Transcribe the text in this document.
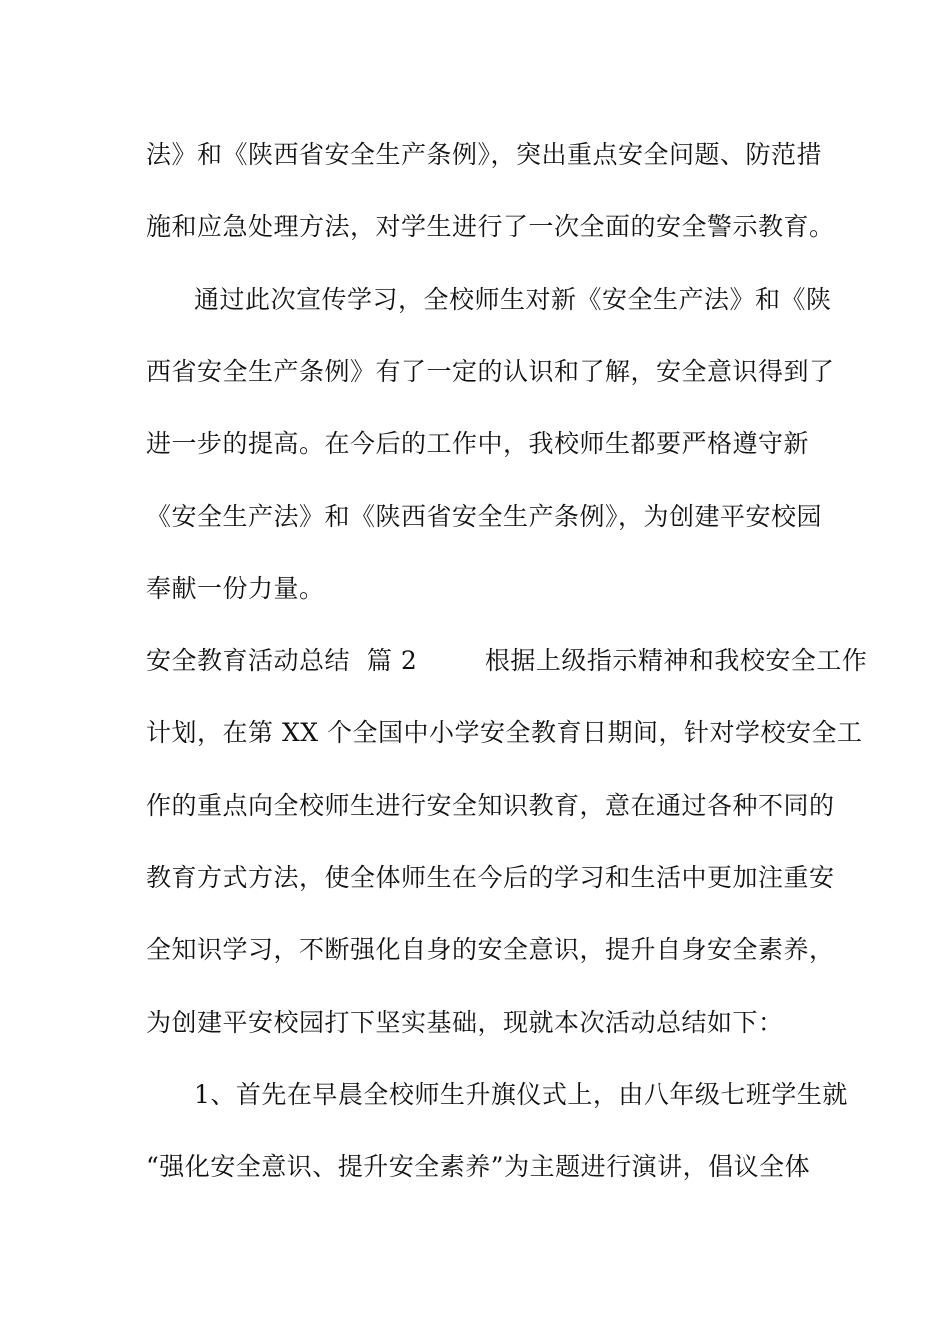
法》和《陕西省安全生产条例》，突出重点安全问题、防范措
施和应急处理方法，对学生进行了一次全面的安全警示教育。
通过此次宣传学习，全校师生对新《安全生产法》和《陕
西省安全生产条例》有了一定的认识和了解，安全意识得到了
进一步的提高。在今后的工作中，我校师生都要严格遵守新
《安全生产法》和《陕西省安全生产条例》，为创建平安校园
奉献一份力量。
安全教育活动总结  篇 2        根据上级指示精神和我校安全工作
计划，在第 XX 个全国中小学安全教育日期间，针对学校安全工
作的重点向全校师生进行安全知识教育，意在通过各种不同的
教育方式方法，使全体师生在今后的学习和生活中更加注重安
全知识学习，不断强化自身的安全意识，提升自身安全素养，
为创建平安校园打下坚实基础，现就本次活动总结如下：
1、首先在早晨全校师生升旗仪式上，由八年级七班学生就
“强化安全意识、提升安全素养”为主题进行演讲，倡议全体
